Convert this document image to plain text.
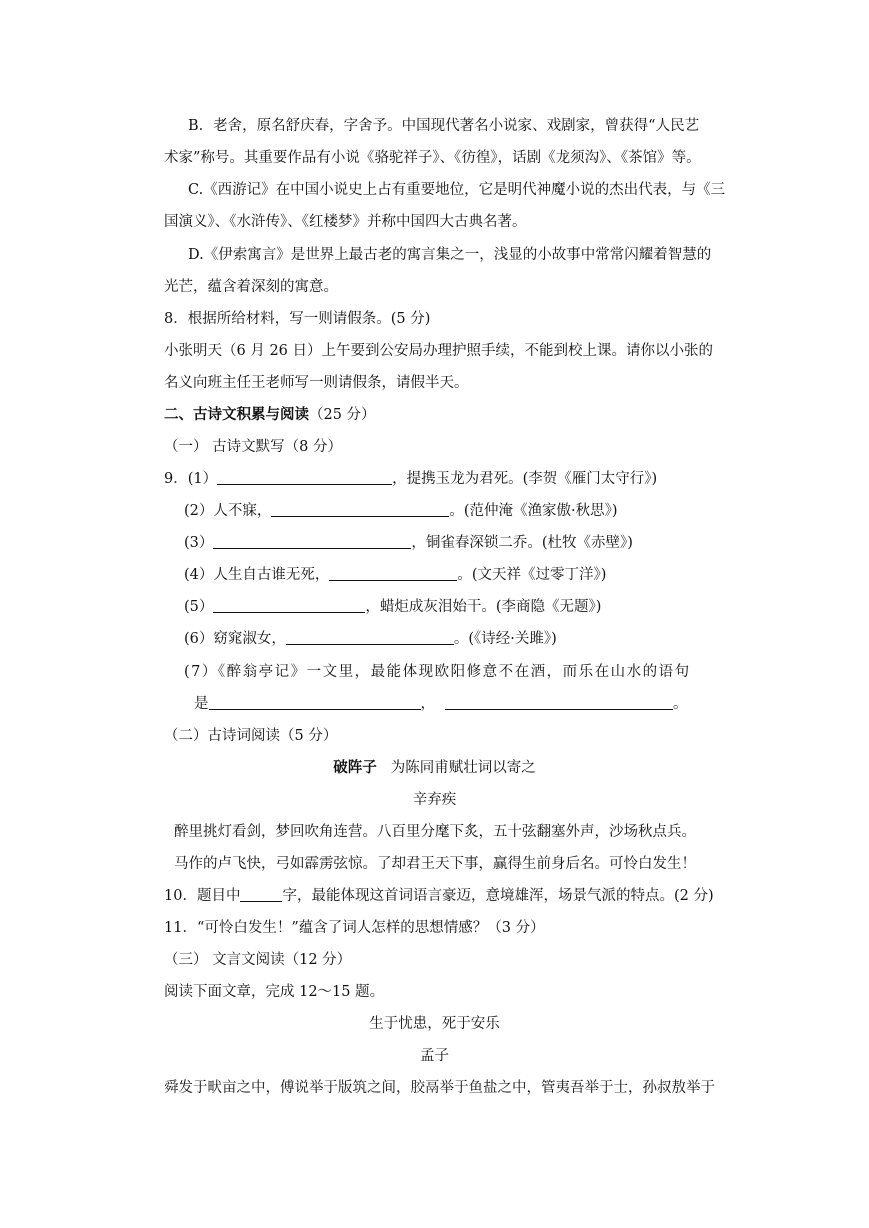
B．老舍，原名舒庆春，字舍予。中国现代著名小说家、戏剧家，曾获得“人民艺
术家”称号。其重要作品有小说《骆驼祥子》、《彷徨》，话剧《龙须沟》、《茶馆》等。
C.《西游记》在中国小说史上占有重要地位，它是明代神魔小说的杰出代表，与《三
国演义》、《水浒传》、《红楼梦》并称中国四大古典名著。
D.《伊索寓言》是世界上最古老的寓言集之一，浅显的小故事中常常闪耀着智慧的
光芒，蕴含着深刻的寓意。
8．根据所给材料，写一则请假条。(5 分)
小张明天（6 月 26 日）上午要到公安局办理护照手续，不能到校上课。请你以小张的
名义向班主任王老师写一则请假条，请假半天。
二、古诗文积累与阅读（25 分）
（一） 古诗文默写（8 分）
9．(1）	，提携玉龙为君死。(李贺《雁门太守行》)
(2）人不寐，	。(范仲淹《渔家傲·秋思》)
(3）	，铜雀春深锁二乔。(杜牧《赤壁》)
(4）人生自古谁无死，	。(文天祥《过零丁洋》)
(5）	，蜡炬成灰泪始干。(李商隐《无题》)
(6）窈窕淑女，	。(《诗经·关雎》)
(7）《醉翁亭记》一文里，最能体现欧阳修意不在酒，而乐在山水的语句
是	，	。
（二）古诗词阅读（5 分）
破阵子 为陈同甫赋壮词以寄之
辛弃疾
醉里挑灯看剑，梦回吹角连营。八百里分麾下炙，五十弦翻塞外声，沙场秋点兵。
马作的卢飞快，弓如霹雳弦惊。了却君王天下事，赢得生前身后名。可怜白发生！
10．题目中	字，最能体现这首词语言豪迈，意境雄浑，场景气派的特点。(2 分)
11．“可怜白发生！”蕴含了词人怎样的思想情感？（3 分）
（三） 文言文阅读（12 分）
阅读下面文章，完成 12～15 题。
生于忧患，死于安乐
孟子
舜发于畎亩之中，傅说举于版筑之间，胶鬲举于鱼盐之中，管夷吾举于士，孙叔敖举于
